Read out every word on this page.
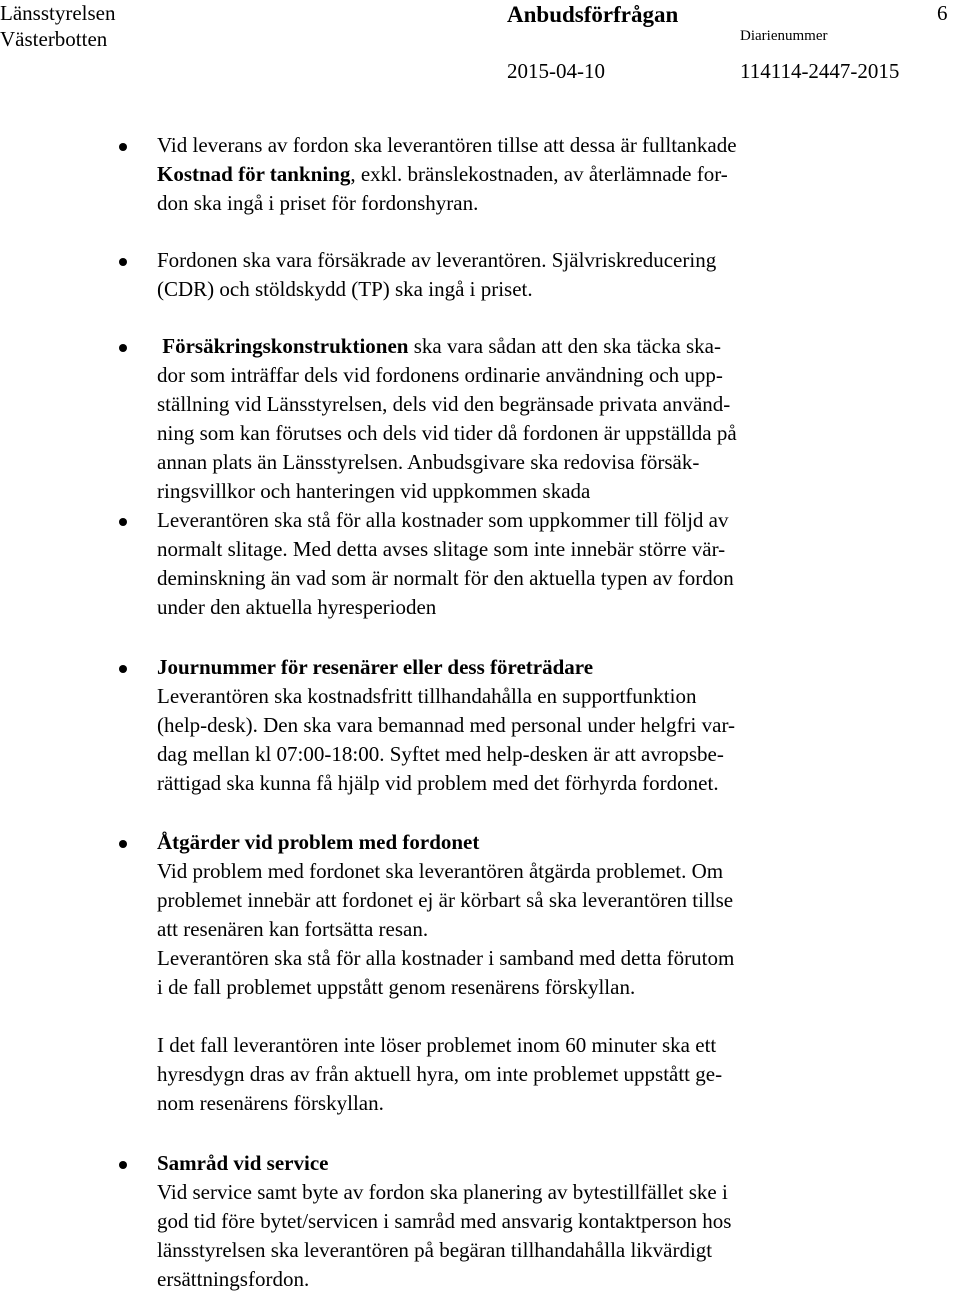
Länsstyrelsen
Västerbotten
Anbudsförfrågan	6
Diarienummer
2015-04-10	114114-2447-2015

Vid leverans av fordon ska leverantören tillse att dessa är fulltankade
Kostnad för tankning, exkl. bränslekostnaden, av återlämnade for-
don ska ingå i priset för fordonshyran.

Fordonen ska vara försäkrade av leverantören. Självriskreducering
(CDR) och stöldskydd (TP) ska ingå i priset.

Försäkringskonstruktionen ska vara sådan att den ska täcka ska-
dor som inträffar dels vid fordonens ordinarie användning och upp-
ställning vid Länsstyrelsen, dels vid den begränsade privata använd-
ning som kan förutses och dels vid tider då fordonen är uppställda på
annan plats än Länsstyrelsen. Anbudsgivare ska redovisa försäk-
ringsvillkor och hanteringen vid uppkommen skada

Leverantören ska stå för alla kostnader som uppkommer till följd av
normalt slitage. Med detta avses slitage som inte innebär större vär-
deminskning än vad som är normalt för den aktuella typen av fordon
under den aktuella hyresperioden

Journummer för resenärer eller dess företrädare
Leverantören ska kostnadsfritt tillhandahålla en supportfunktion
(help-desk). Den ska vara bemannad med personal under helgfri var-
dag mellan kl 07:00-18:00. Syftet med help-desken är att avropsbe-
rättigad ska kunna få hjälp vid problem med det förhyrda fordonet.

Åtgärder vid problem med fordonet
Vid problem med fordonet ska leverantören åtgärda problemet. Om
problemet innebär att fordonet ej är körbart så ska leverantören tillse
att resenären kan fortsätta resan.
Leverantören ska stå för alla kostnader i samband med detta förutom
i de fall problemet uppstått genom resenärens förskyllan.

I det fall leverantören inte löser problemet inom 60 minuter ska ett
hyresdygn dras av från aktuell hyra, om inte problemet uppstått ge-
nom resenärens förskyllan.

Samråd vid service
Vid service samt byte av fordon ska planering av bytestillfället ske i
god tid före bytet/servicen i samråd med ansvarig kontaktperson hos
länsstyrelsen ska leverantören på begäran tillhandahålla likvärdigt
ersättningsfordon.
